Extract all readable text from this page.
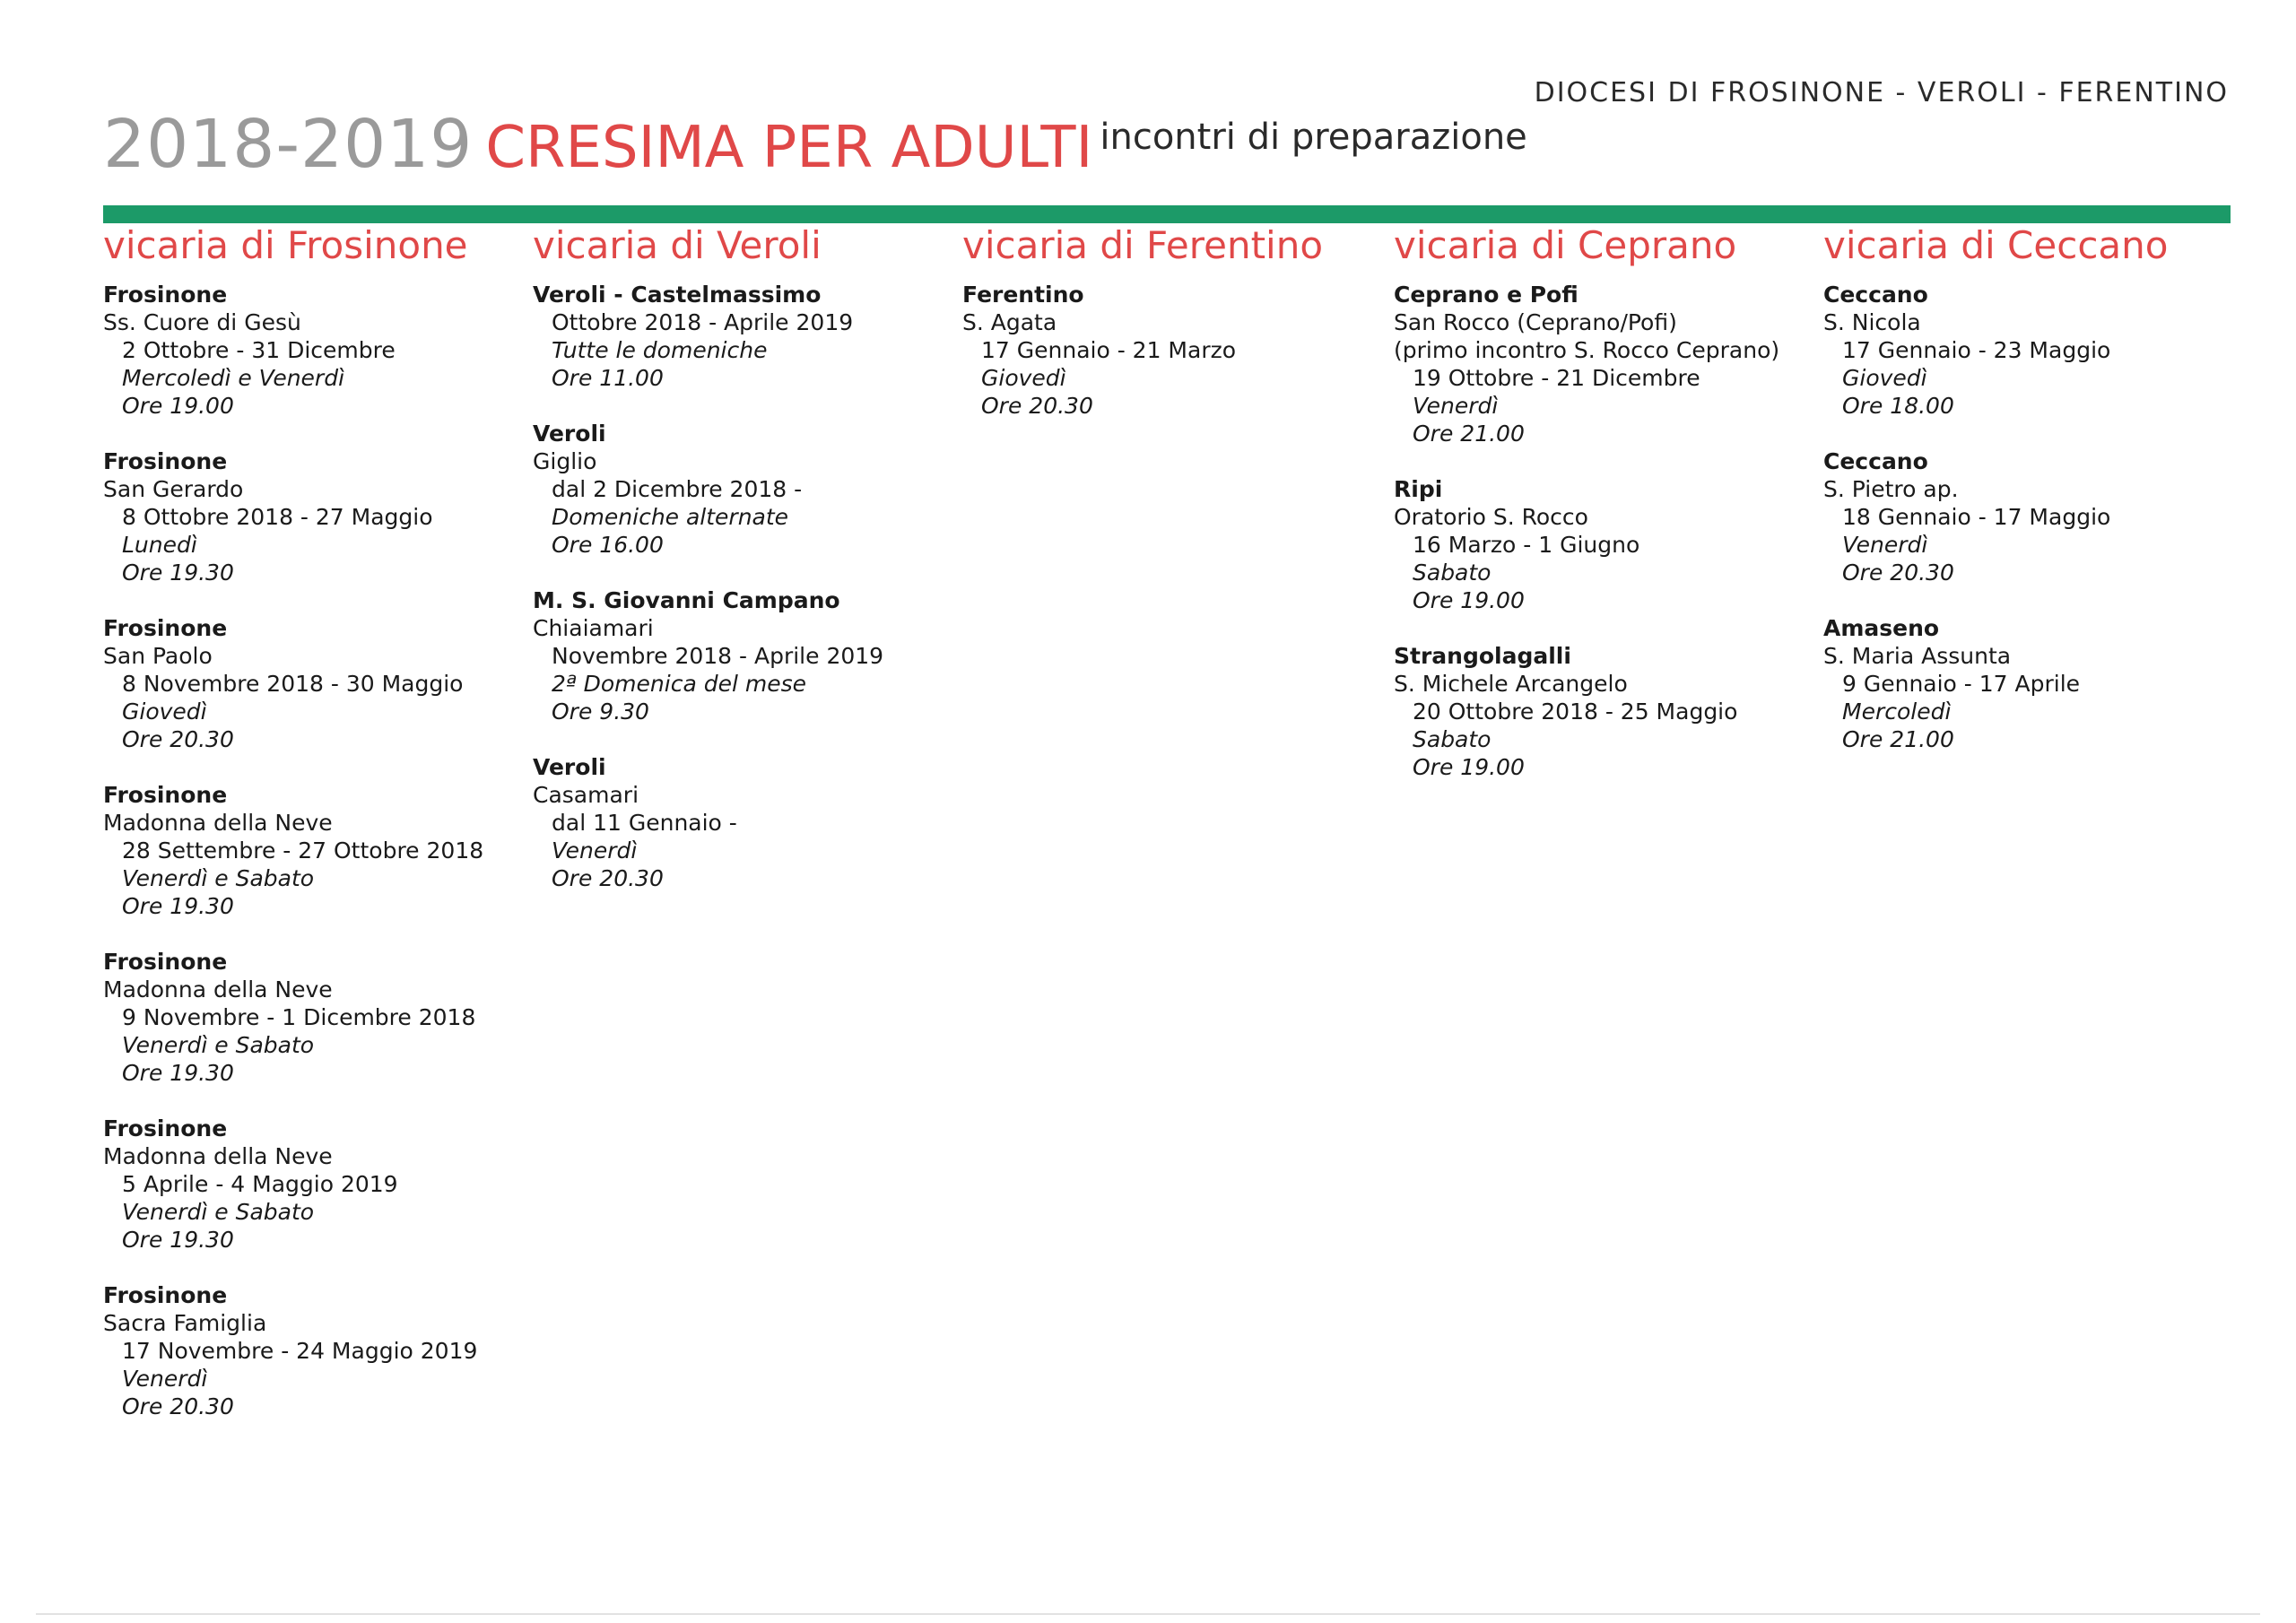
DIOCESI DI FROSINONE - VEROLI - FERENTINO
2018-2019 CRESIMA PER ADULTI incontri di preparazione
vicaria di Frosinone
Frosinone
Ss. Cuore di Gesù
2 Ottobre - 31 Dicembre
Mercoledì e Venerdì
Ore 19.00
Frosinone
San Gerardo
8 Ottobre 2018 - 27 Maggio
Lunedì
Ore 19.30
Frosinone
San Paolo
8 Novembre 2018 - 30 Maggio
Giovedì
Ore 20.30
Frosinone
Madonna della Neve
28 Settembre - 27 Ottobre 2018
Venerdì e Sabato
Ore 19.30
Frosinone
Madonna della Neve
9 Novembre - 1 Dicembre 2018
Venerdì e Sabato
Ore 19.30
Frosinone
Madonna della Neve
5 Aprile - 4 Maggio 2019
Venerdì e Sabato
Ore 19.30
Frosinone
Sacra Famiglia
17 Novembre - 24 Maggio 2019
Venerdì
Ore 20.30
vicaria di Veroli
Veroli - Castelmassimo
Ottobre 2018 - Aprile 2019
Tutte le domeniche
Ore 11.00
Veroli
Giglio
dal 2 Dicembre 2018 -
Domeniche alternate
Ore 16.00
M. S. Giovanni Campano
Chiaiamari
Novembre 2018 - Aprile 2019
2ª Domenica del mese
Ore 9.30
Veroli
Casamari
dal 11 Gennaio -
Venerdì
Ore 20.30
vicaria di Ferentino
Ferentino
S. Agata
17 Gennaio - 21 Marzo
Giovedì
Ore 20.30
vicaria di Ceprano
Ceprano e Pofi
San Rocco (Ceprano/Pofi)
(primo incontro S. Rocco Ceprano)
19 Ottobre - 21 Dicembre
Venerdì
Ore 21.00
Ripi
Oratorio S. Rocco
16 Marzo - 1 Giugno
Sabato
Ore 19.00
Strangolagalli
S. Michele Arcangelo
20 Ottobre 2018 - 25 Maggio
Sabato
Ore 19.00
vicaria di Ceccano
Ceccano
S. Nicola
17 Gennaio - 23 Maggio
Giovedì
Ore 18.00
Ceccano
S. Pietro ap.
18 Gennaio - 17 Maggio
Venerdì
Ore 20.30
Amaseno
S. Maria Assunta
9 Gennaio - 17 Aprile
Mercoledì
Ore 21.00
